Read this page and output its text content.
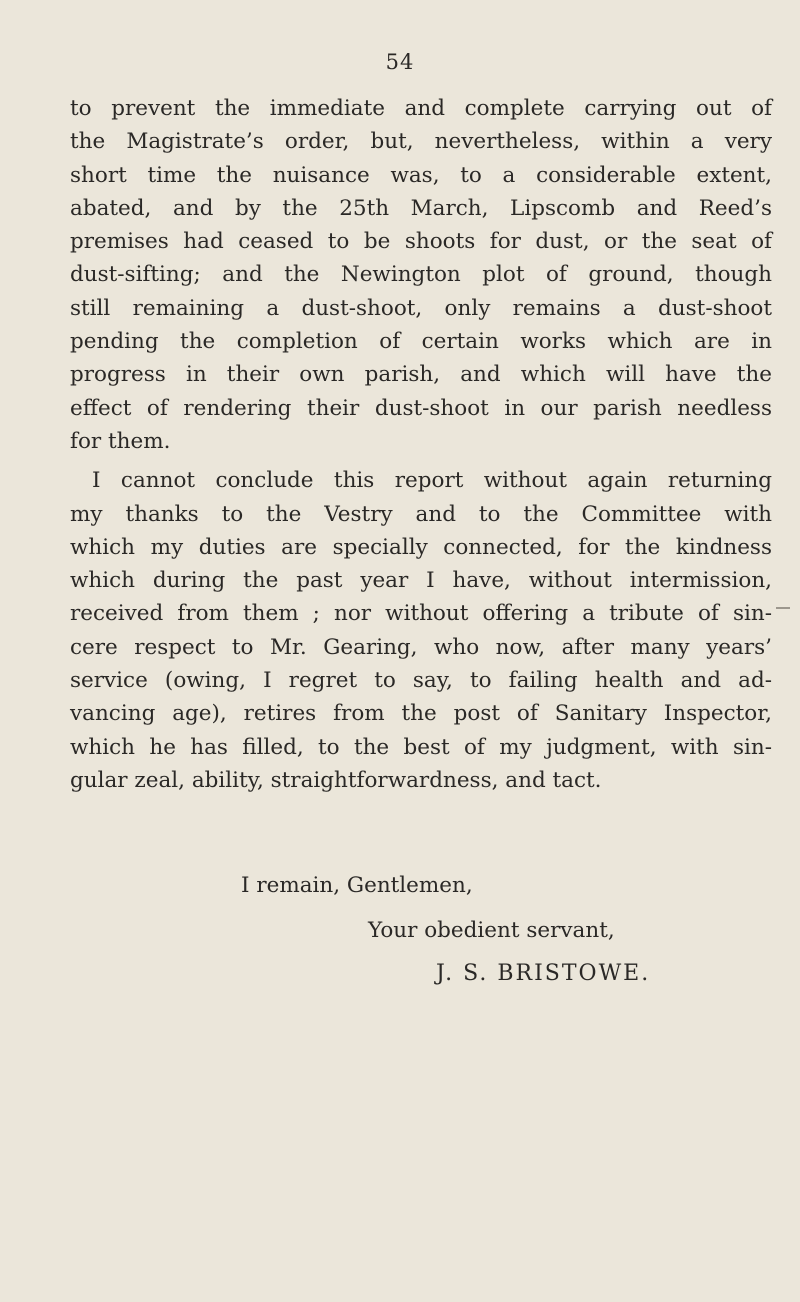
54
to prevent the immediate and complete carrying out of
the Magistrate’s order, but, nevertheless, within a very
short time the nuisance was, to a considerable extent,
abated, and by the 25th March, Lipscomb and Reed’s
premises had ceased to be shoots for dust, or the seat of
dust-sifting; and the Newington plot of ground, though
still remaining a dust-shoot, only remains a dust-shoot
pending the completion of certain works which are in
progress in their own parish, and which will have the
effect of rendering their dust-shoot in our parish needless
for them.
I cannot conclude this report without again returning
my thanks to the Vestry and to the Committee with
which my duties are specially connected, for the kindness
which during the past year I have, without intermission,
received from them ; nor without offering a tribute of sin-
cere respect to Mr. Gearing, who now, after many years’
service (owing, I regret to say, to failing health and ad-
vancing age), retires from the post of Sanitary Inspector,
which he has filled, to the best of my judgment, with sin-
gular zeal, ability, straightforwardness, and tact.
I remain, Gentlemen,
Your obedient servant,
J. S. BRISTOWE.
